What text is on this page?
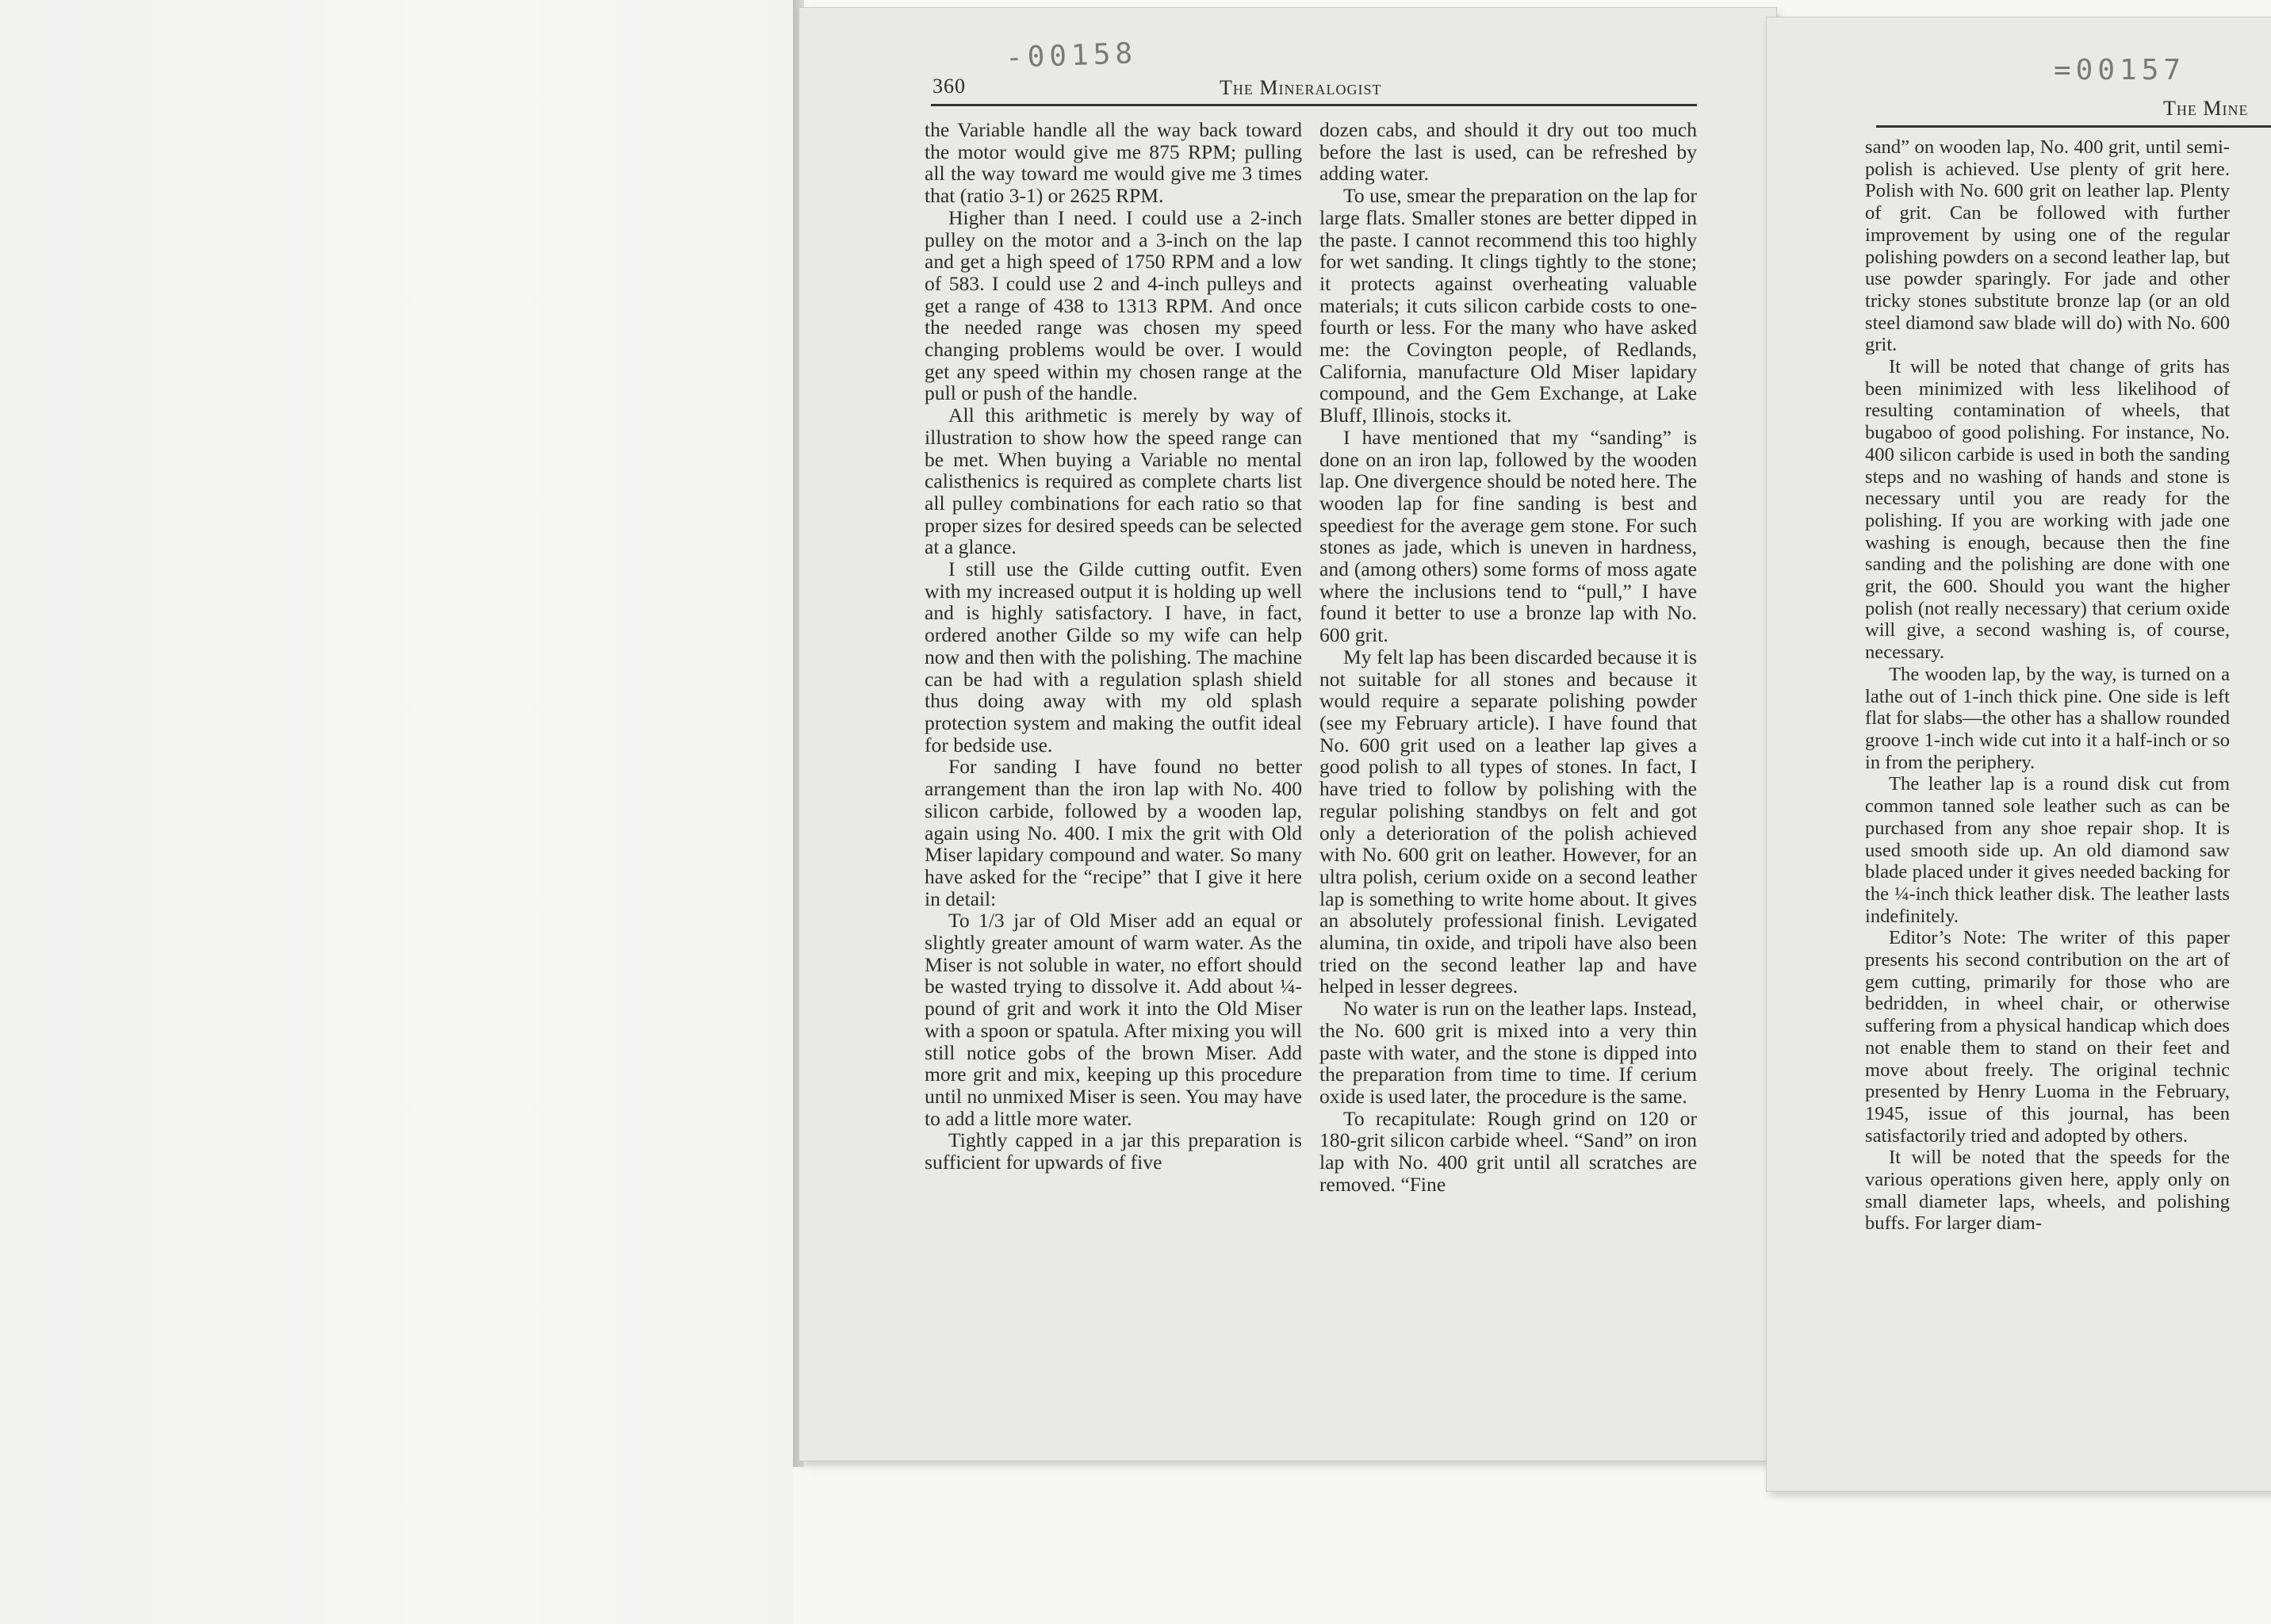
-00158
360	The Mineralogist

the Variable handle all the way back toward the motor would give me 875 RPM; pulling all the way toward me would give me 3 times that (ratio 3-1) or 2625 RPM.

Higher than I need. I could use a 2-inch pulley on the motor and a 3-inch on the lap and get a high speed of 1750 RPM and a low of 583. I could use 2 and 4-inch pulleys and get a range of 438 to 1313 RPM. And once the needed range was chosen my speed changing problems would be over. I would get any speed within my chosen range at the pull or push of the handle.

All this arithmetic is merely by way of illustration to show how the speed range can be met. When buying a Variable no mental calisthenics is required as complete charts list all pulley combinations for each ratio so that proper sizes for desired speeds can be selected at a glance.

I still use the Gilde cutting outfit. Even with my increased output it is holding up well and is highly satisfactory. I have, in fact, ordered another Gilde so my wife can help now and then with the polishing. The machine can be had with a regulation splash shield thus doing away with my old splash protection system and making the outfit ideal for bedside use.

For sanding I have found no better arrangement than the iron lap with No. 400 silicon carbide, followed by a wooden lap, again using No. 400. I mix the grit with Old Miser lapidary compound and water. So many have asked for the “recipe” that I give it here in detail:

To 1/3 jar of Old Miser add an equal or slightly greater amount of warm water. As the Miser is not soluble in water, no effort should be wasted trying to dissolve it. Add about ¼-pound of grit and work it into the Old Miser with a spoon or spatula. After mixing you will still notice gobs of the brown Miser. Add more grit and mix, keeping up this procedure until no unmixed Miser is seen. You may have to add a little more water.

Tightly capped in a jar this preparation is sufficient for upwards of five

dozen cabs, and should it dry out too much before the last is used, can be refreshed by adding water.

To use, smear the preparation on the lap for large flats. Smaller stones are better dipped in the paste. I cannot recommend this too highly for wet sanding. It clings tightly to the stone; it protects against overheating valuable materials; it cuts silicon carbide costs to one-fourth or less. For the many who have asked me: the Covington people, of Redlands, California, manufacture Old Miser lapidary compound, and the Gem Exchange, at Lake Bluff, Illinois, stocks it.

I have mentioned that my “sanding” is done on an iron lap, followed by the wooden lap. One divergence should be noted here. The wooden lap for fine sanding is best and speediest for the average gem stone. For such stones as jade, which is uneven in hardness, and (among others) some forms of moss agate where the inclusions tend to “pull,” I have found it better to use a bronze lap with No. 600 grit.

My felt lap has been discarded because it is not suitable for all stones and because it would require a separate polishing powder (see my February article). I have found that No. 600 grit used on a leather lap gives a good polish to all types of stones. In fact, I have tried to follow by polishing with the regular polishing standbys on felt and got only a deterioration of the polish achieved with No. 600 grit on leather. However, for an ultra polish, cerium oxide on a second leather lap is something to write home about. It gives an absolutely professional finish. Levigated alumina, tin oxide, and tripoli have also been tried on the second leather lap and have helped in lesser degrees.

No water is run on the leather laps. Instead, the No. 600 grit is mixed into a very thin paste with water, and the stone is dipped into the preparation from time to time. If cerium oxide is used later, the procedure is the same.

To recapitulate: Rough grind on 120 or 180-grit silicon carbide wheel. “Sand” on iron lap with No. 400 grit until all scratches are removed. “Fine

=00157
The Mine

sand” on wooden lap, No. 400 grit, until semi-polish is achieved. Use plenty of grit here. Polish with No. 600 grit on leather lap. Plenty of grit. Can be followed with further improvement by using one of the regular polishing powders on a second leather lap, but use powder sparingly. For jade and other tricky stones substitute bronze lap (or an old steel diamond saw blade will do) with No. 600 grit.

It will be noted that change of grits has been minimized with less likelihood of resulting contamination of wheels, that bugaboo of good polishing. For instance, No. 400 silicon carbide is used in both the sanding steps and no washing of hands and stone is necessary until you are ready for the polishing. If you are working with jade one washing is enough, because then the fine sanding and the polishing are done with one grit, the 600. Should you want the higher polish (not really necessary) that cerium oxide will give, a second washing is, of course, necessary.

The wooden lap, by the way, is turned on a lathe out of 1-inch thick pine. One side is left flat for slabs—the other has a shallow rounded groove 1-inch wide cut into it a half-inch or so in from the periphery.

The leather lap is a round disk cut from common tanned sole leather such as can be purchased from any shoe repair shop. It is used smooth side up. An old diamond saw blade placed under it gives needed backing for the ¼-inch thick leather disk. The leather lasts indefinitely.

Editor’s Note: The writer of this paper presents his second contribution on the art of gem cutting, primarily for those who are bedridden, in wheel chair, or otherwise suffering from a physical handicap which does not enable them to stand on their feet and move about freely. The original technic presented by Henry Luoma in the February, 1945, issue of this journal, has been satisfactorily tried and adopted by others.

It will be noted that the speeds for the various operations given here, apply only on small diameter laps, wheels, and polishing buffs. For larger diam-
